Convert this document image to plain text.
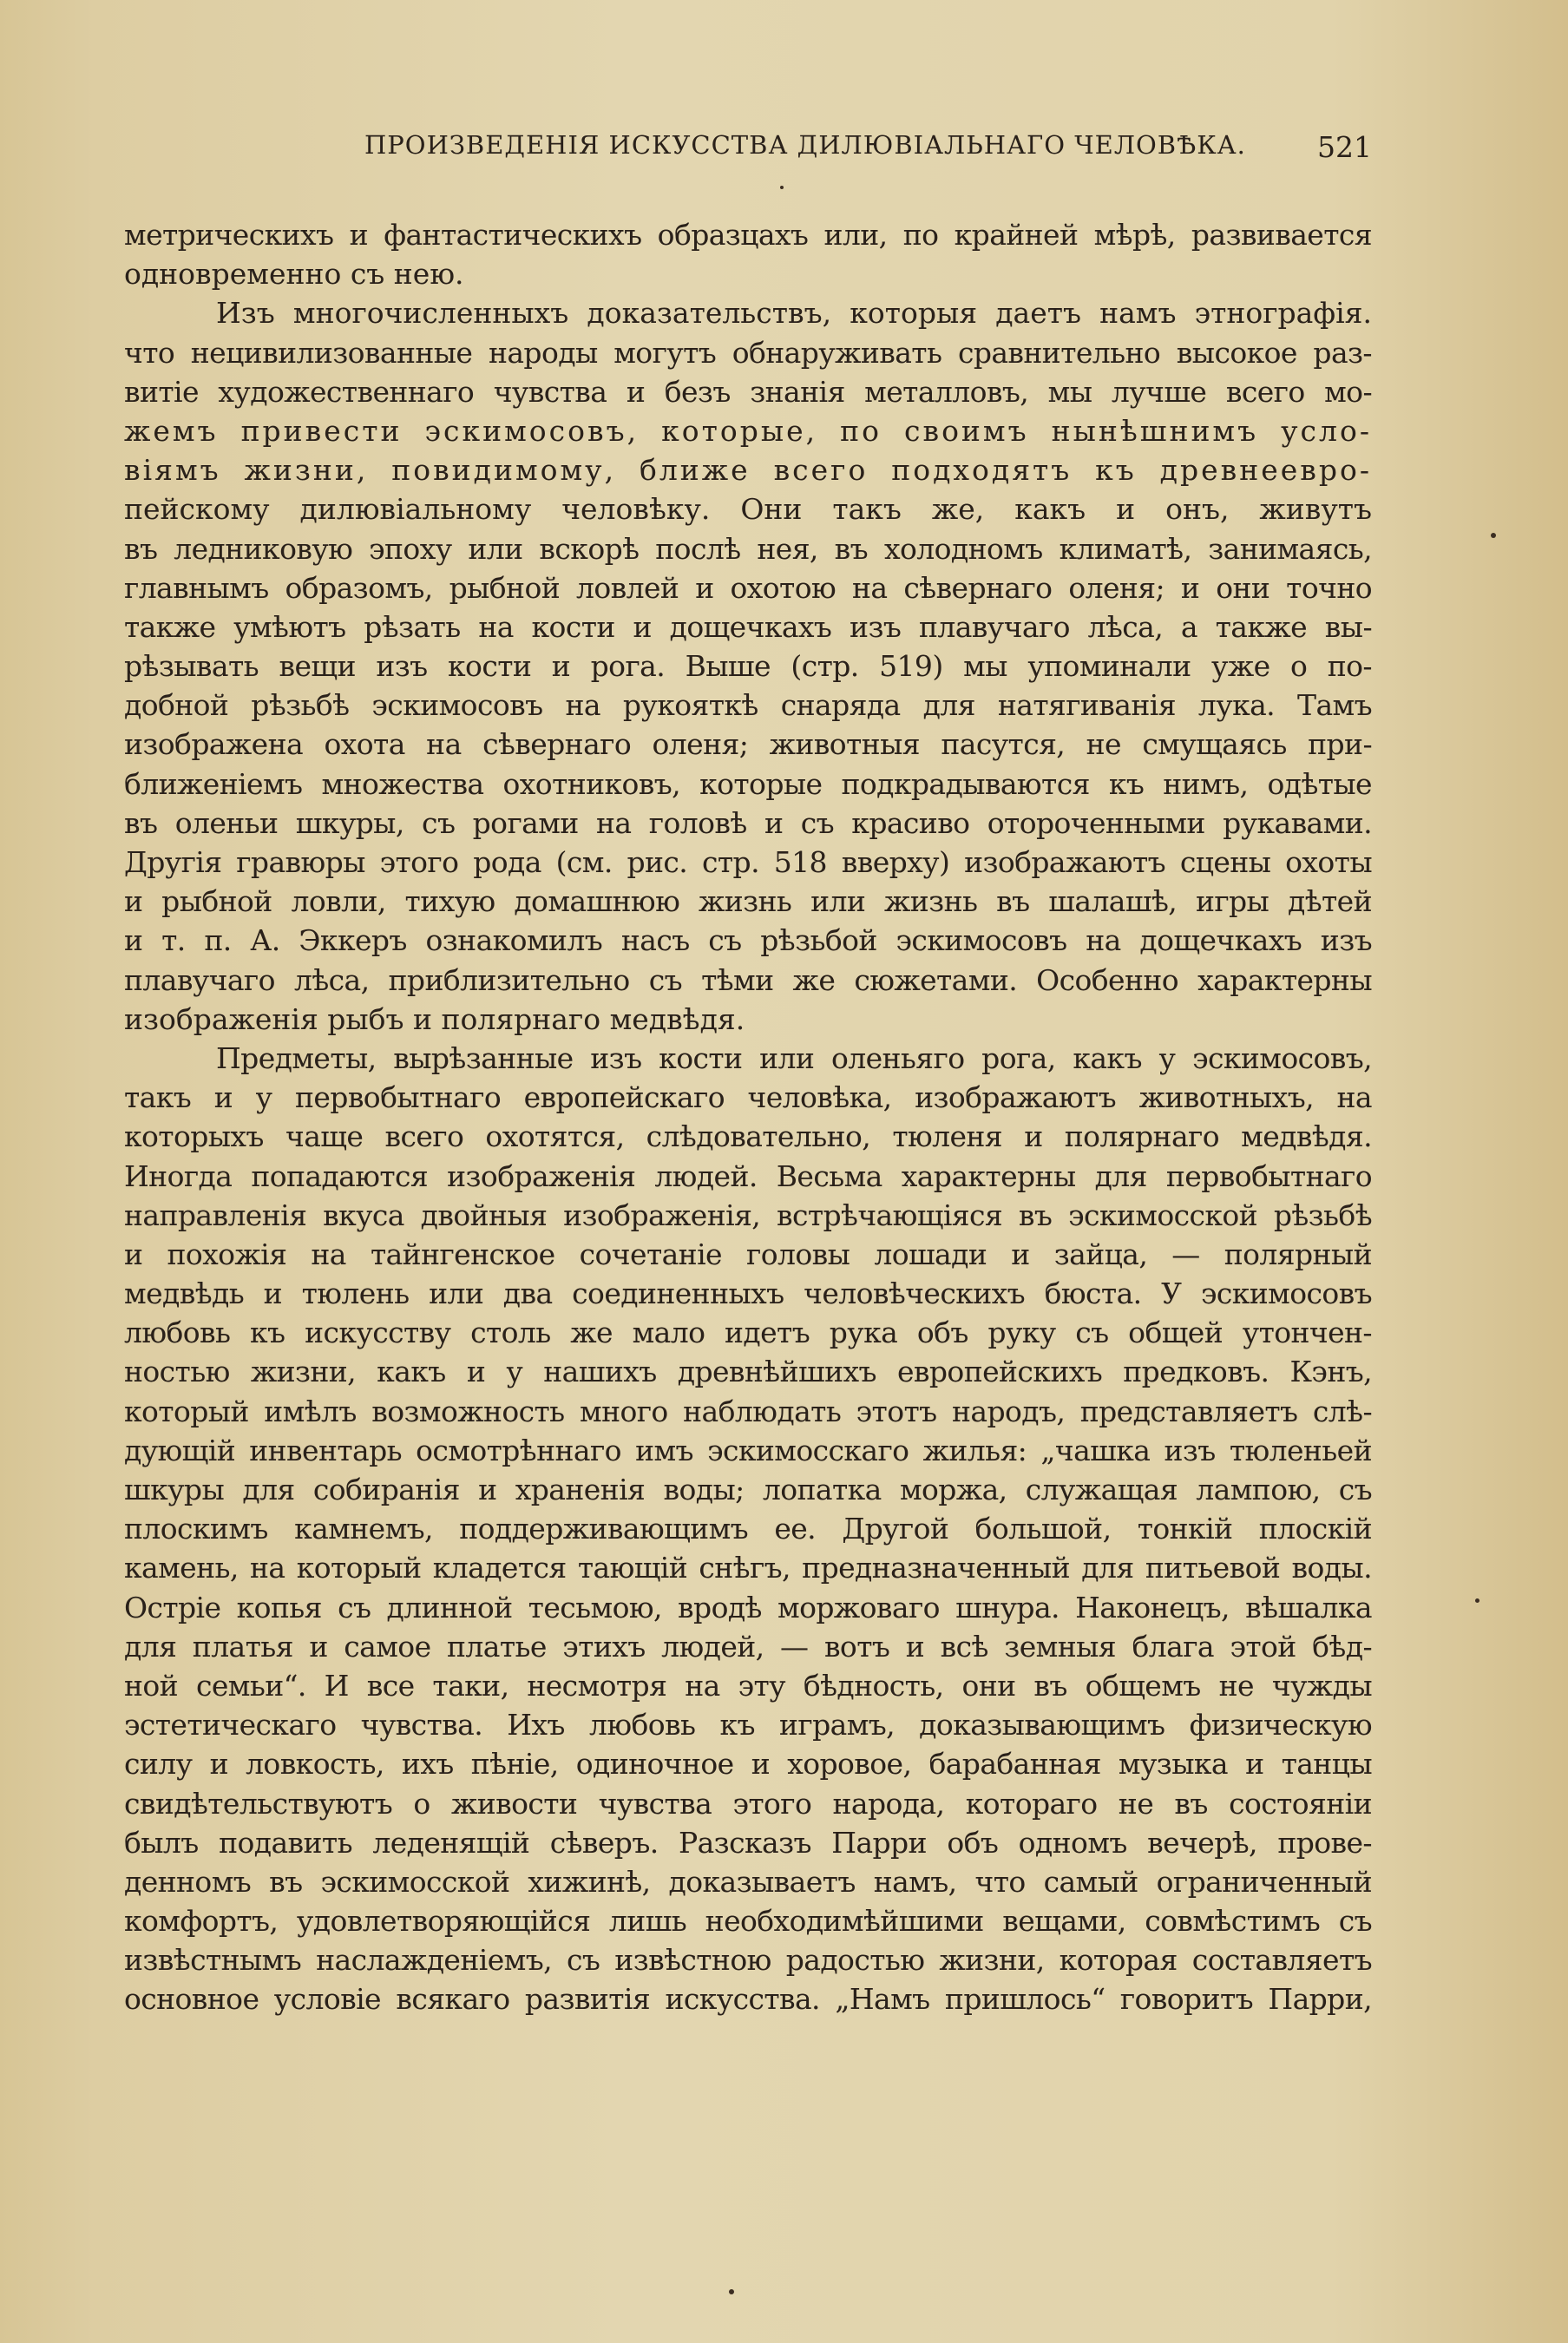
ПРОИЗВЕДЕНІЯ ИСКУССТВА ДИЛЮВІАЛЬНАГО ЧЕЛОВѢКА. 521
метрическихъ и фантастическихъ образцахъ или, по крайней мѣрѣ, развивается
одновременно съ нею.
Изъ многочисленныхъ доказательствъ, которыя даетъ намъ этнографія.
что нецивилизованные народы могутъ обнаруживать сравнительно высокое раз-
витіе художественнаго чувства и безъ знанія металловъ, мы лучше всего мо-
жемъ привести эскимосовъ, которые, по своимъ нынѣшнимъ усло-
віямъ жизни, повидимому, ближе всего подходятъ къ древнеевро-
пейскому дилювіальному человѣку. Они такъ же, какъ и онъ, живутъ
въ ледниковую эпоху или вскорѣ послѣ нея, въ холодномъ климатѣ, занимаясь,
главнымъ образомъ, рыбной ловлей и охотою на сѣвернаго оленя; и они точно
также умѣютъ рѣзать на кости и дощечкахъ изъ плавучаго лѣса, а также вы-
рѣзывать вещи изъ кости и рога. Выше (стр. 519) мы упоминали уже о по-
добной рѣзьбѣ эскимосовъ на рукояткѣ снаряда для натягиванія лука. Тамъ
изображена охота на сѣвернаго оленя; животныя пасутся, не смущаясь при-
ближеніемъ множества охотниковъ, которые подкрадываются къ нимъ, одѣтые
въ оленьи шкуры, съ рогами на головѣ и съ красиво отороченными рукавами.
Другія гравюры этого рода (см. рис. стр. 518 вверху) изображаютъ сцены охоты
и рыбной ловли, тихую домашнюю жизнь или жизнь въ шалашѣ, игры дѣтей
и т. п. А. Эккеръ ознакомилъ насъ съ рѣзьбой эскимосовъ на дощечкахъ изъ
плавучаго лѣса, приблизительно съ тѣми же сюжетами. Особенно характерны
изображенія рыбъ и полярнаго медвѣдя.
Предметы, вырѣзанные изъ кости или оленьяго рога, какъ у эскимосовъ,
такъ и у первобытнаго европейскаго человѣка, изображаютъ животныхъ, на
которыхъ чаще всего охотятся, слѣдовательно, тюленя и полярнаго медвѣдя.
Иногда попадаются изображенія людей. Весьма характерны для первобытнаго
направленія вкуса двойныя изображенія, встрѣчающіяся въ эскимосской рѣзьбѣ
и похожія на тайнгенское сочетаніе головы лошади и зайца, — полярный
медвѣдь и тюлень или два соединенныхъ человѣческихъ бюста. У эскимосовъ
любовь къ искусству столь же мало идетъ рука объ руку съ общей утончен-
ностью жизни, какъ и у нашихъ древнѣйшихъ европейскихъ предковъ. Кэнъ,
который имѣлъ возможность много наблюдать этотъ народъ, представляетъ слѣ-
дующій инвентарь осмотрѣннаго имъ эскимосскаго жилья: „чашка изъ тюленьей
шкуры для собиранія и храненія воды; лопатка моржа, служащая лампою, съ
плоскимъ камнемъ, поддерживающимъ ее. Другой большой, тонкій плоскій
камень, на который кладется тающій снѣгъ, предназначенный для питьевой воды.
Остріе копья съ длинной тесьмою, вродѣ моржоваго шнура. Наконецъ, вѣшалка
для платья и самое платье этихъ людей, — вотъ и всѣ земныя блага этой бѣд-
ной семьи“. И все таки, несмотря на эту бѣдность, они въ общемъ не чужды
эстетическаго чувства. Ихъ любовь къ играмъ, доказывающимъ физическую
силу и ловкость, ихъ пѣніе, одиночное и хоровое, барабанная музыка и танцы
свидѣтельствуютъ о живости чувства этого народа, котораго не въ состояніи
былъ подавить леденящій сѣверъ. Разсказъ Парри объ одномъ вечерѣ, прове-
денномъ въ эскимосской хижинѣ, доказываетъ намъ, что самый ограниченный
комфортъ, удовлетворяющійся лишь необходимѣйшими вещами, совмѣстимъ съ
извѣстнымъ наслажденіемъ, съ извѣстною радостью жизни, которая составляетъ
основное условіе всякаго развитія искусства. „Намъ пришлось“ говоритъ Парри,
